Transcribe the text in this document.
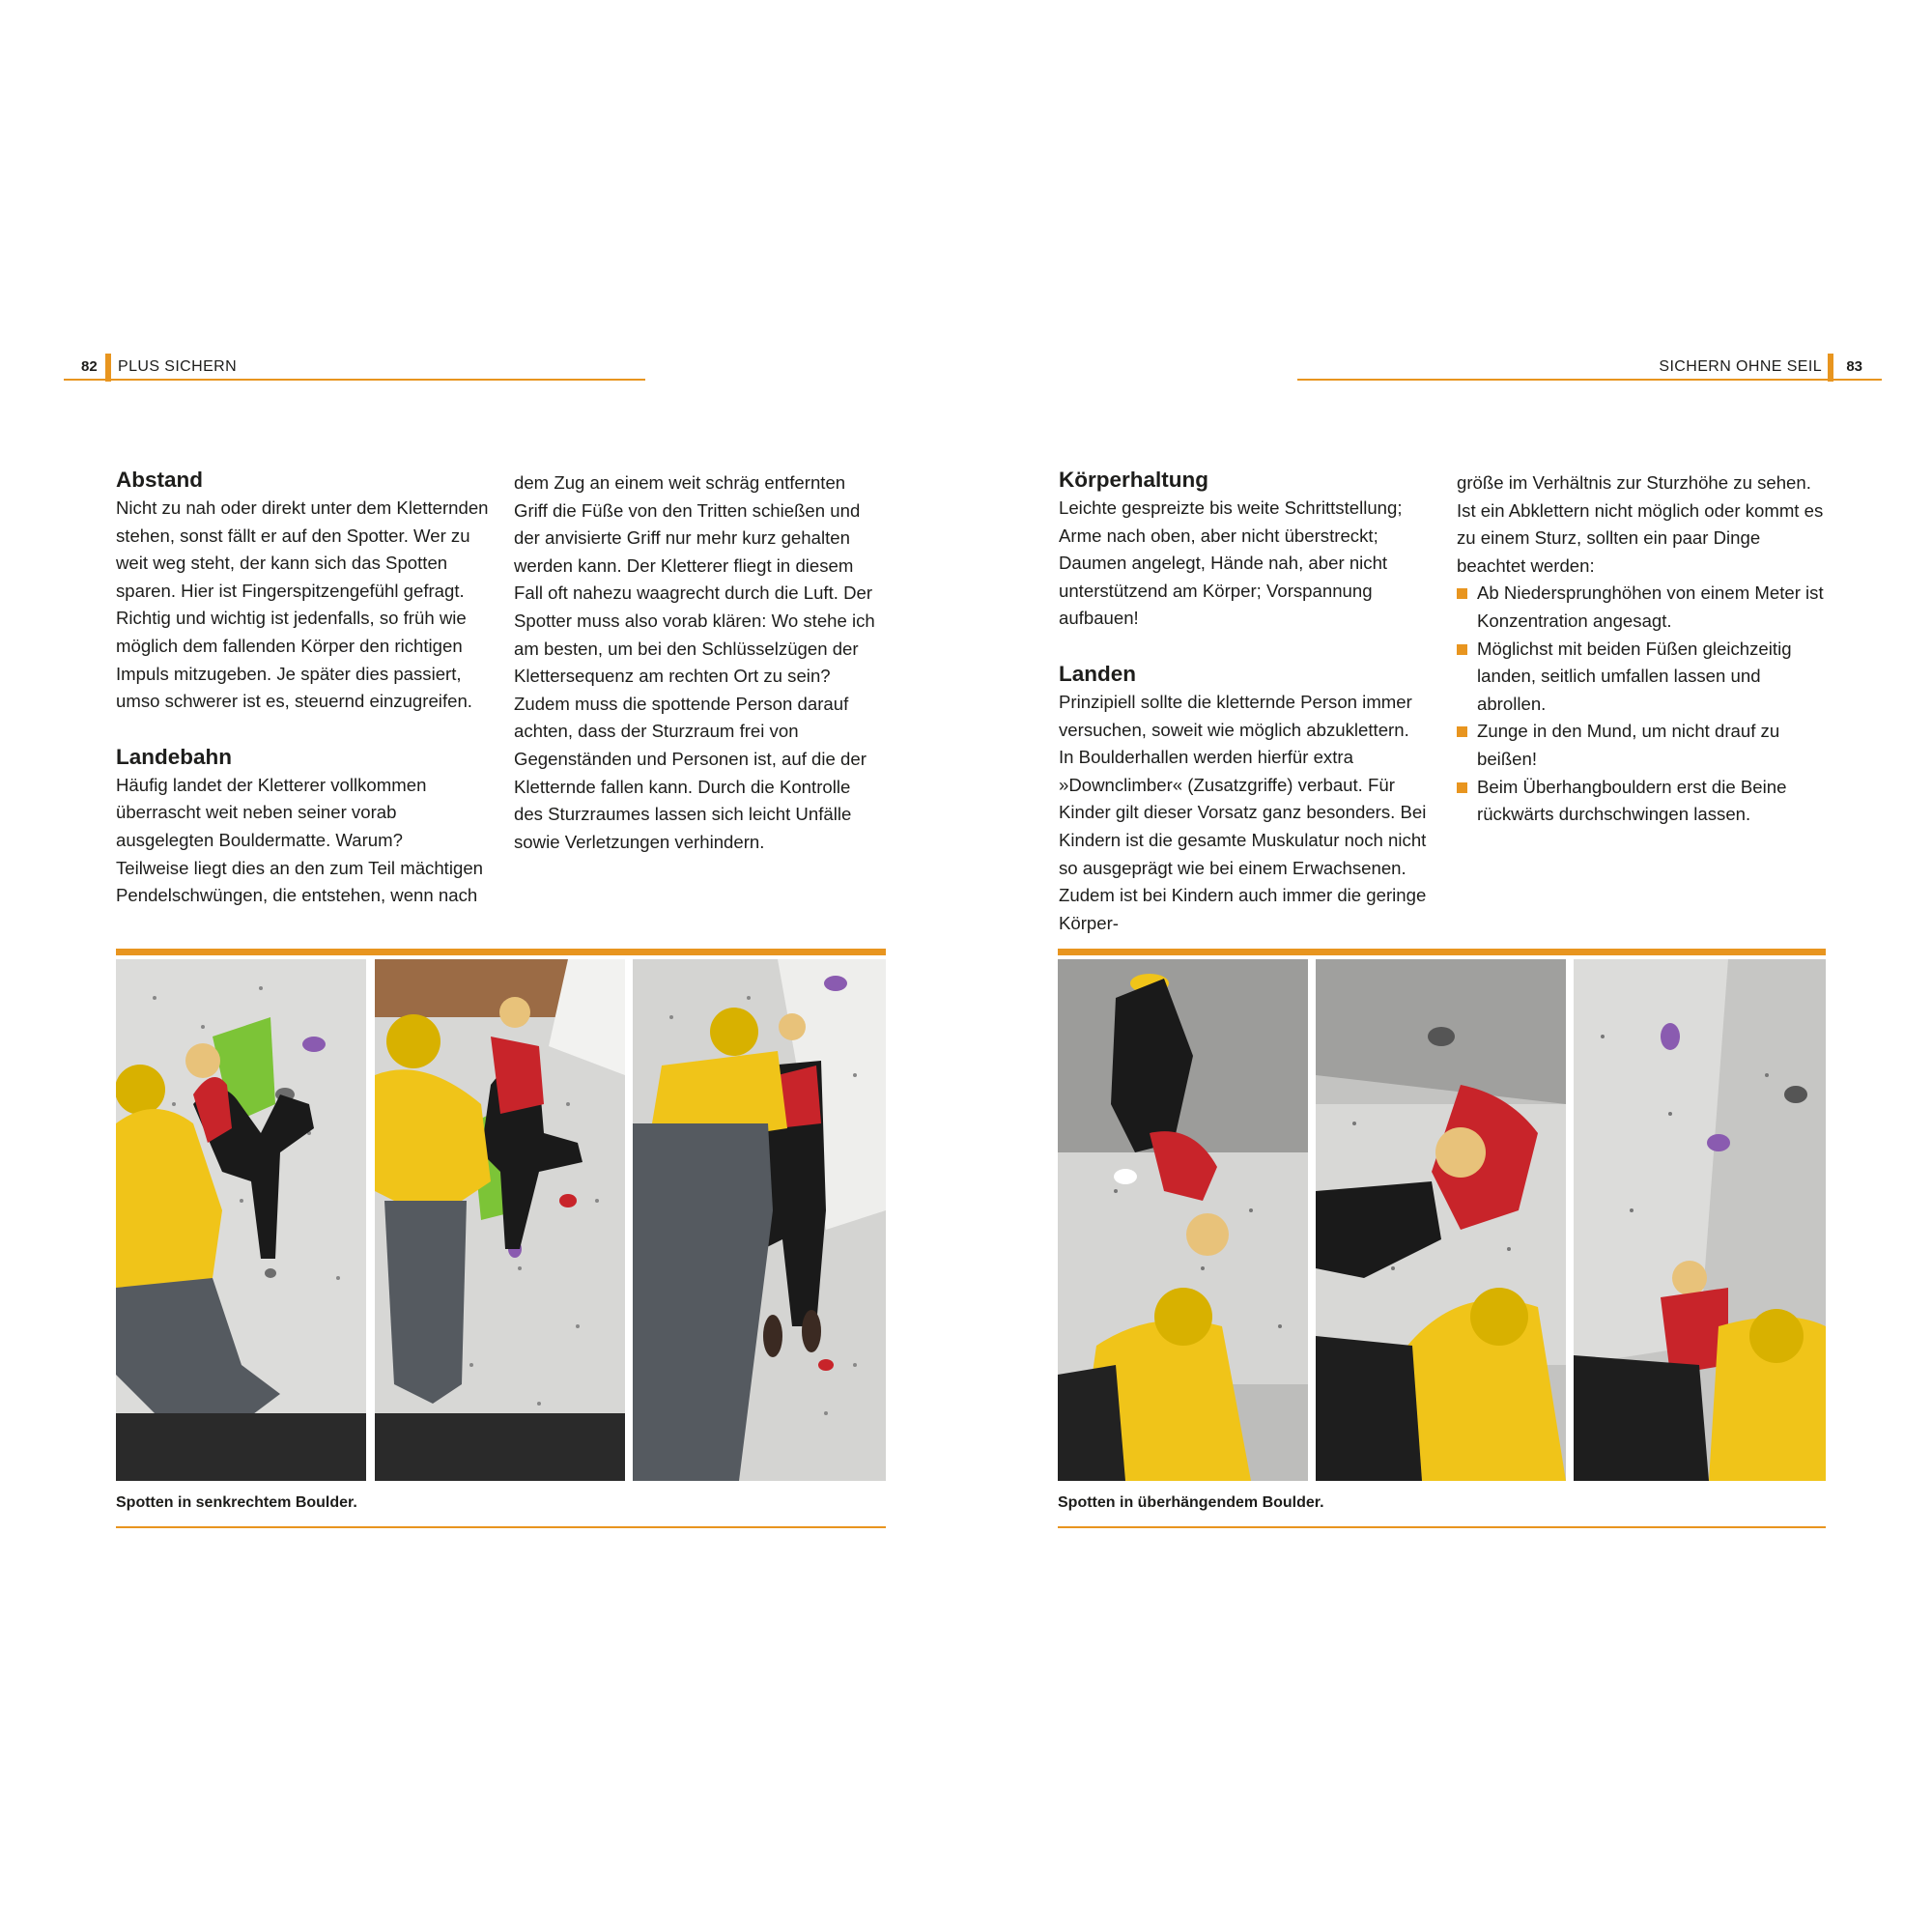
82 PLUS SICHERN	SICHERN OHNE SEIL 83
Abstand

Nicht zu nah oder direkt unter dem Kletternden stehen, sonst fällt er auf den Spotter. Wer zu weit weg steht, der kann sich das Spotten sparen. Hier ist Fingerspitzengefühl gefragt. Richtig und wichtig ist jedenfalls, so früh wie möglich dem fallenden Körper den richtigen Impuls mitzugeben. Je später dies passiert, umso schwerer ist es, steuernd einzugreifen.

Landebahn

Häufig landet der Kletterer vollkommen überrascht weit neben seiner vorab ausgelegten Bouldermatte. Warum?

Teilweise liegt dies an den zum Teil mächtigen Pendelschwüngen, die entstehen, wenn nach

dem Zug an einem weit schräg entfernten Griff die Füße von den Tritten schießen und der anvisierte Griff nur mehr kurz gehalten werden kann. Der Kletterer fliegt in diesem Fall oft nahezu waagrecht durch die Luft. Der Spotter muss also vorab klären: Wo stehe ich am besten, um bei den Schlüsselzügen der Klettersequenz am rechten Ort zu sein? Zudem muss die spottende Person darauf achten, dass der Sturzraum frei von Gegenständen und Personen ist, auf die der Kletternde fallen kann. Durch die Kontrolle des Sturzraumes lassen sich leicht Unfälle sowie Verletzungen verhindern.

Körperhaltung

Leichte gespreizte bis weite Schrittstellung; Arme nach oben, aber nicht überstreckt; Daumen angelegt, Hände nah, aber nicht unterstützend am Körper; Vorspannung aufbauen!

Landen

Prinzipiell sollte die kletternde Person immer versuchen, soweit wie möglich abzuklettern. In Boulderhallen werden hierfür extra »Downclimber« (Zusatzgriffe) verbaut. Für Kinder gilt dieser Vorsatz ganz besonders. Bei Kindern ist die gesamte Muskulatur noch nicht so ausgeprägt wie bei einem Erwachsenen. Zudem ist bei Kindern auch immer die geringe Körper-

größe im Verhältnis zur Sturzhöhe zu sehen. Ist ein Abklettern nicht möglich oder kommt es zu einem Sturz, sollten ein paar Dinge beachtet werden:

Ab Niedersprunghöhen von einem Meter ist Konzentration angesagt.
Möglichst mit beiden Füßen gleichzeitig landen, seitlich umfallen lassen und abrollen.
Zunge in den Mund, um nicht drauf zu beißen!
Beim Überhangbouldern erst die Beine rückwärts durchschwingen lassen.
Spotten in senkrechtem Boulder.	Spotten in überhängendem Boulder.
